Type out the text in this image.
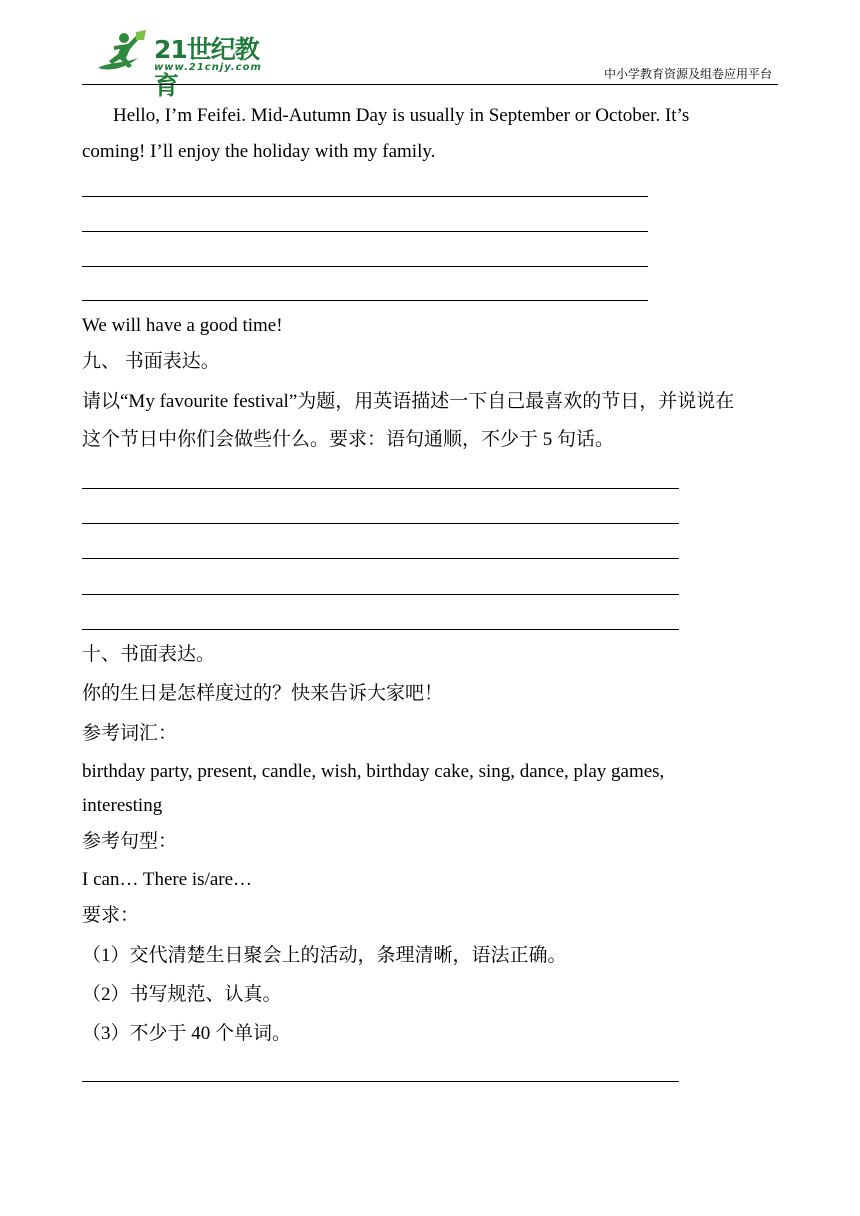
21世纪教育
www.21cnjy.com	中小学教育资源及组卷应用平台
Hello, I’m Feifei. Mid-Autumn Day is usually in September or October. It’s
coming! I’ll enjoy the holiday with my family.
We will have a good time!
九、 书面表达。
请以“My favourite festival”为题，用英语描述一下自己最喜欢的节日，并说说在
这个节日中你们会做些什么。要求：语句通顺，不少于 5 句话。
十、书面表达。
你的生日是怎样度过的？快来告诉大家吧！
参考词汇：
birthday party, present, candle, wish, birthday cake, sing, dance, play games,
interesting
参考句型：
I can… There is/are…
要求：
（1）交代清楚生日聚会上的活动，条理清晰，语法正确。
（2）书写规范、认真。
（3）不少于 40 个单词。
